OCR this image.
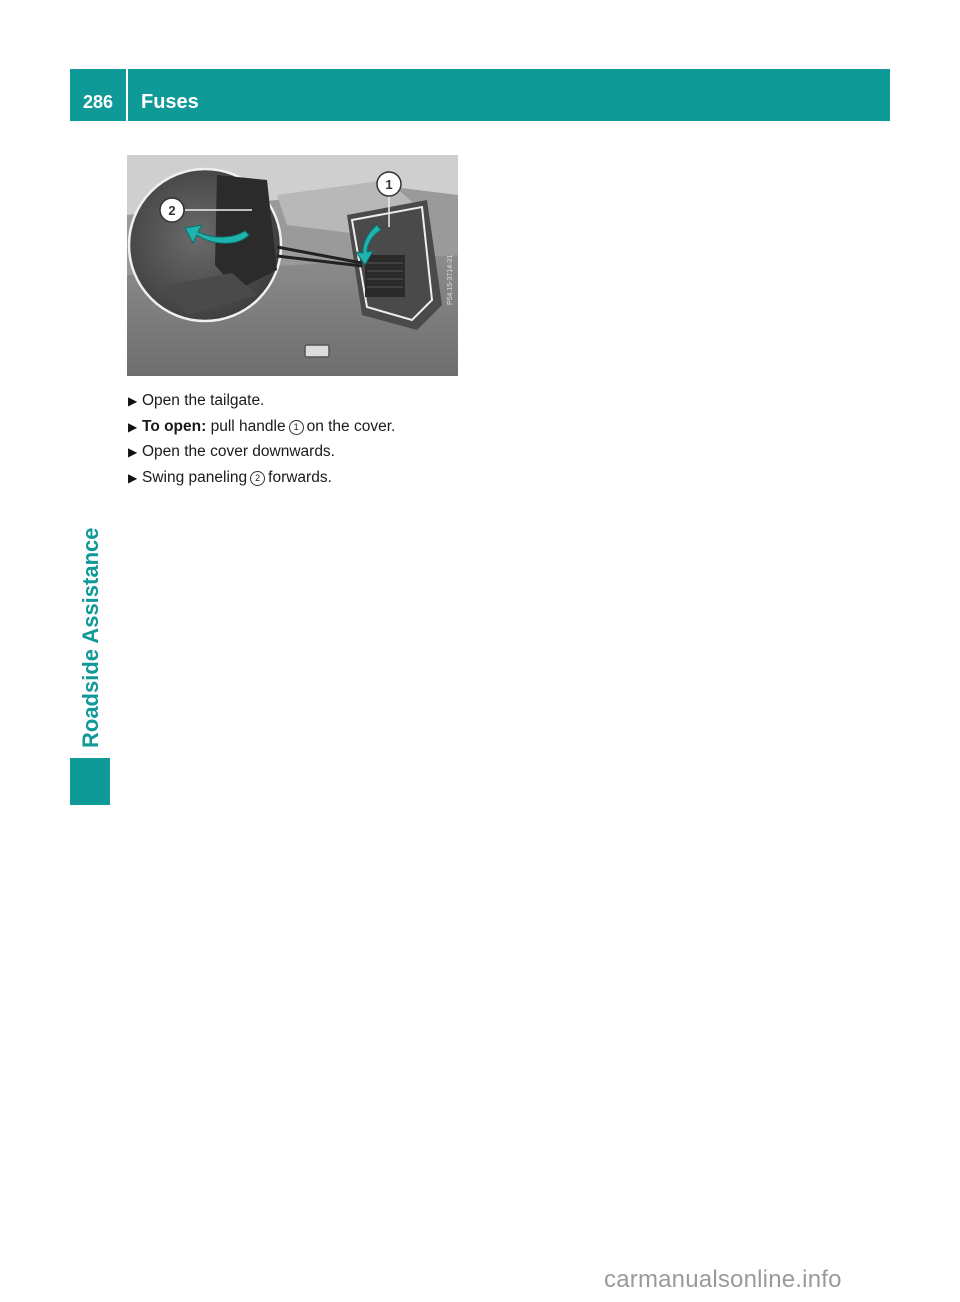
286	Fuses
Roadside Assistance
P54.15-3714-31
2
1
▶ Open the tailgate.
▶ To open: pull handle 1 on the cover.
▶ Open the cover downwards.
▶ Swing paneling 2 forwards.
carmanualsonline.info
